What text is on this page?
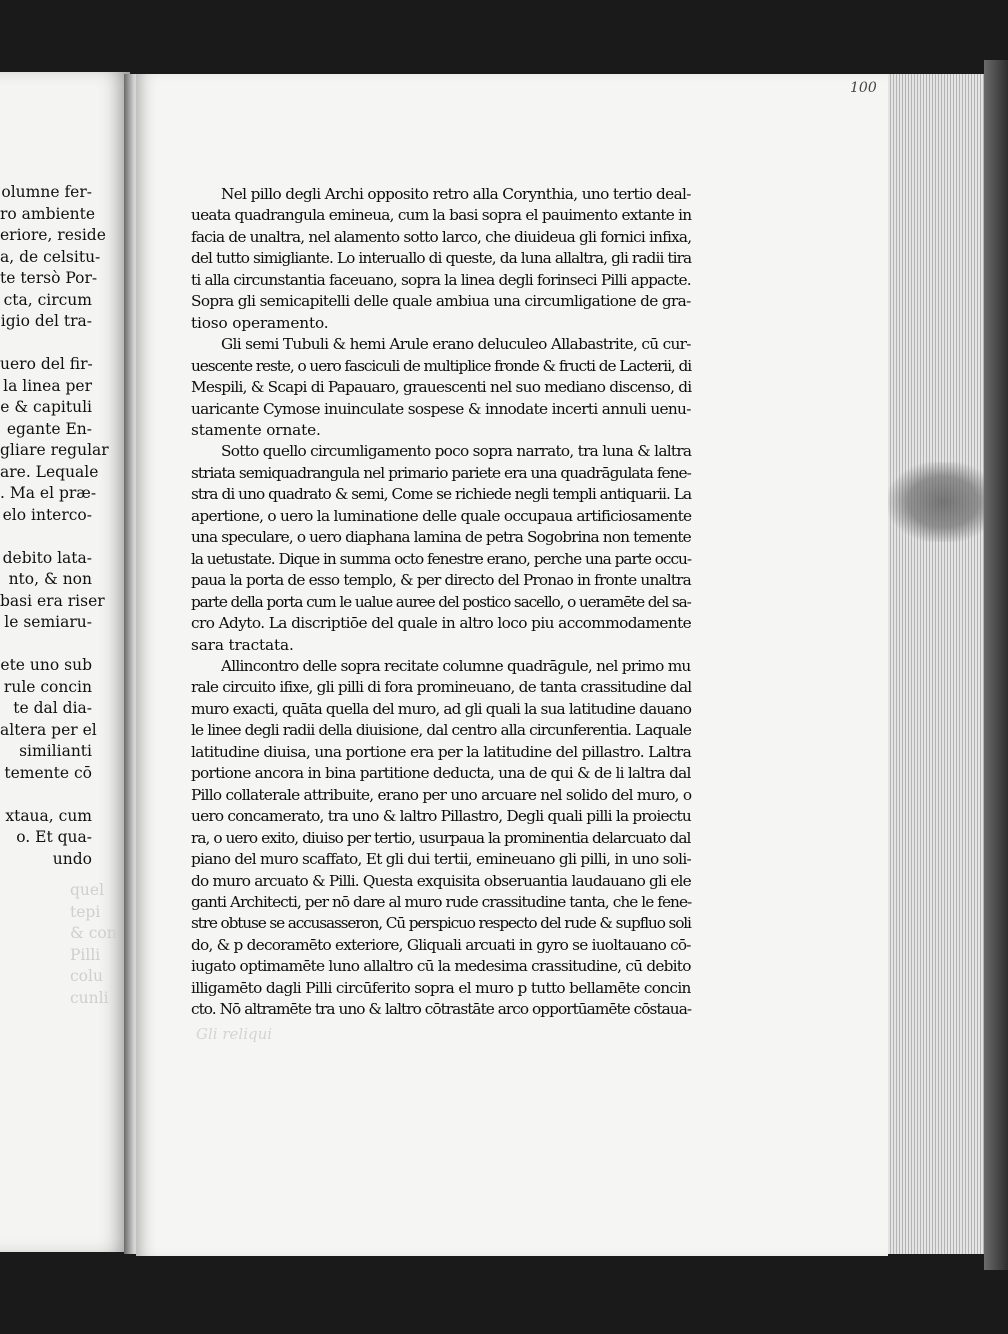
olumne fer-
ro ambiente
eriore, reside
a, de celsitu-
te tersò Por-
cta, circum
igio del tra-

uero del fir-
la linea per
e & capituli
egante En-
gliare regular
are. Lequale
. Ma el præ-
elo interco-

debito lata-
nto, & non
basi era riser
le semiaru-

ete uno sub
rule concin
te dal dia-
altera per el
similianti
temente cō

xtaua, cum
o. Et qua-
undo
quel
tepi
& con
Pilli
colu
cunli
100
Nel pillo degli Archi opposito retro alla Corynthia, uno tertio deal-
ueata quadrangula emineua, cum la basi sopra el pauimento extante in
facia de unaltra, nel alamento sotto larco, che diuideua gli fornici infixa,
del tutto simigliante. Lo interuallo di queste, da luna allaltra, gli radii tira
ti alla circunstantia faceuano, sopra la linea degli forinseci Pilli appacte.
Sopra gli semicapitelli delle quale ambiua una circumligatione de gra-
tioso operamento.
Gli semi Tubuli & hemi Arule erano deluculeo Allabastrite, cū cur-
uescente reste, o uero fasciculi de multiplice fronde & fructi de Lacterii, di
Mespili, & Scapi di Papauaro, grauescenti nel suo mediano discenso, di
uaricante Cymose inuinculate sospese & innodate incerti annuli uenu-
stamente ornate.
Sotto quello circumligamento poco sopra narrato, tra luna & laltra
striata semiquadrangula nel primario pariete era una quadrāgulata fene-
stra di uno quadrato & semi, Come se richiede negli templi antiquarii. La
apertione, o uero la luminatione delle quale occupaua artificiosamente
una speculare, o uero diaphana lamina de petra Sogobrina non temente
la uetustate. Dique in summa octo fenestre erano, perche una parte occu-
paua la porta de esso templo, & per directo del Pronao in fronte unaltra
parte della porta cum le ualue auree del postico sacello, o ueramēte del sa-
cro Adyto. La discriptiōe del quale in altro loco piu accommodamente
sara tractata.
Allincontro delle sopra recitate columne quadrāgule, nel primo mu
rale circuito ifixe, gli pilli di fora promineuano, de tanta crassitudine dal
muro exacti, quāta quella del muro, ad gli quali la sua latitudine dauano
le linee degli radii della diuisione, dal centro alla circunferentia. Laquale
latitudine diuisa, una portione era per la latitudine del pillastro. Laltra
portione ancora in bina partitione deducta, una de qui & de li laltra dal
Pillo collaterale attribuite, erano per uno arcuare nel solido del muro, o
uero concamerato, tra uno & laltro Pillastro, Degli quali pilli la proiectu
ra, o uero exito, diuiso per tertio, usurpaua la prominentia delarcuato dal
piano del muro scaffato, Et gli dui tertii, emineuano gli pilli, in uno soli-
do muro arcuato & Pilli. Questa exquisita obseruantia laudauano gli ele
ganti Architecti, per nō dare al muro rude crassitudine tanta, che le fene-
stre obtuse se accusasseron, Cū perspicuo respecto del rude & supfluo soli
do, & p decoramēto exteriore, Gliquali arcuati in gyro se iuoltauano cō-
iugato optimamēte luno allaltro cū la medesima crassitudine, cū debito
illigamēto dagli Pilli circūferito sopra el muro p tutto bellamēte concin
cto. Nō altramēte tra uno & laltro cōtrastāte arco opportūamēte cōstaua-
Gli reliqui
